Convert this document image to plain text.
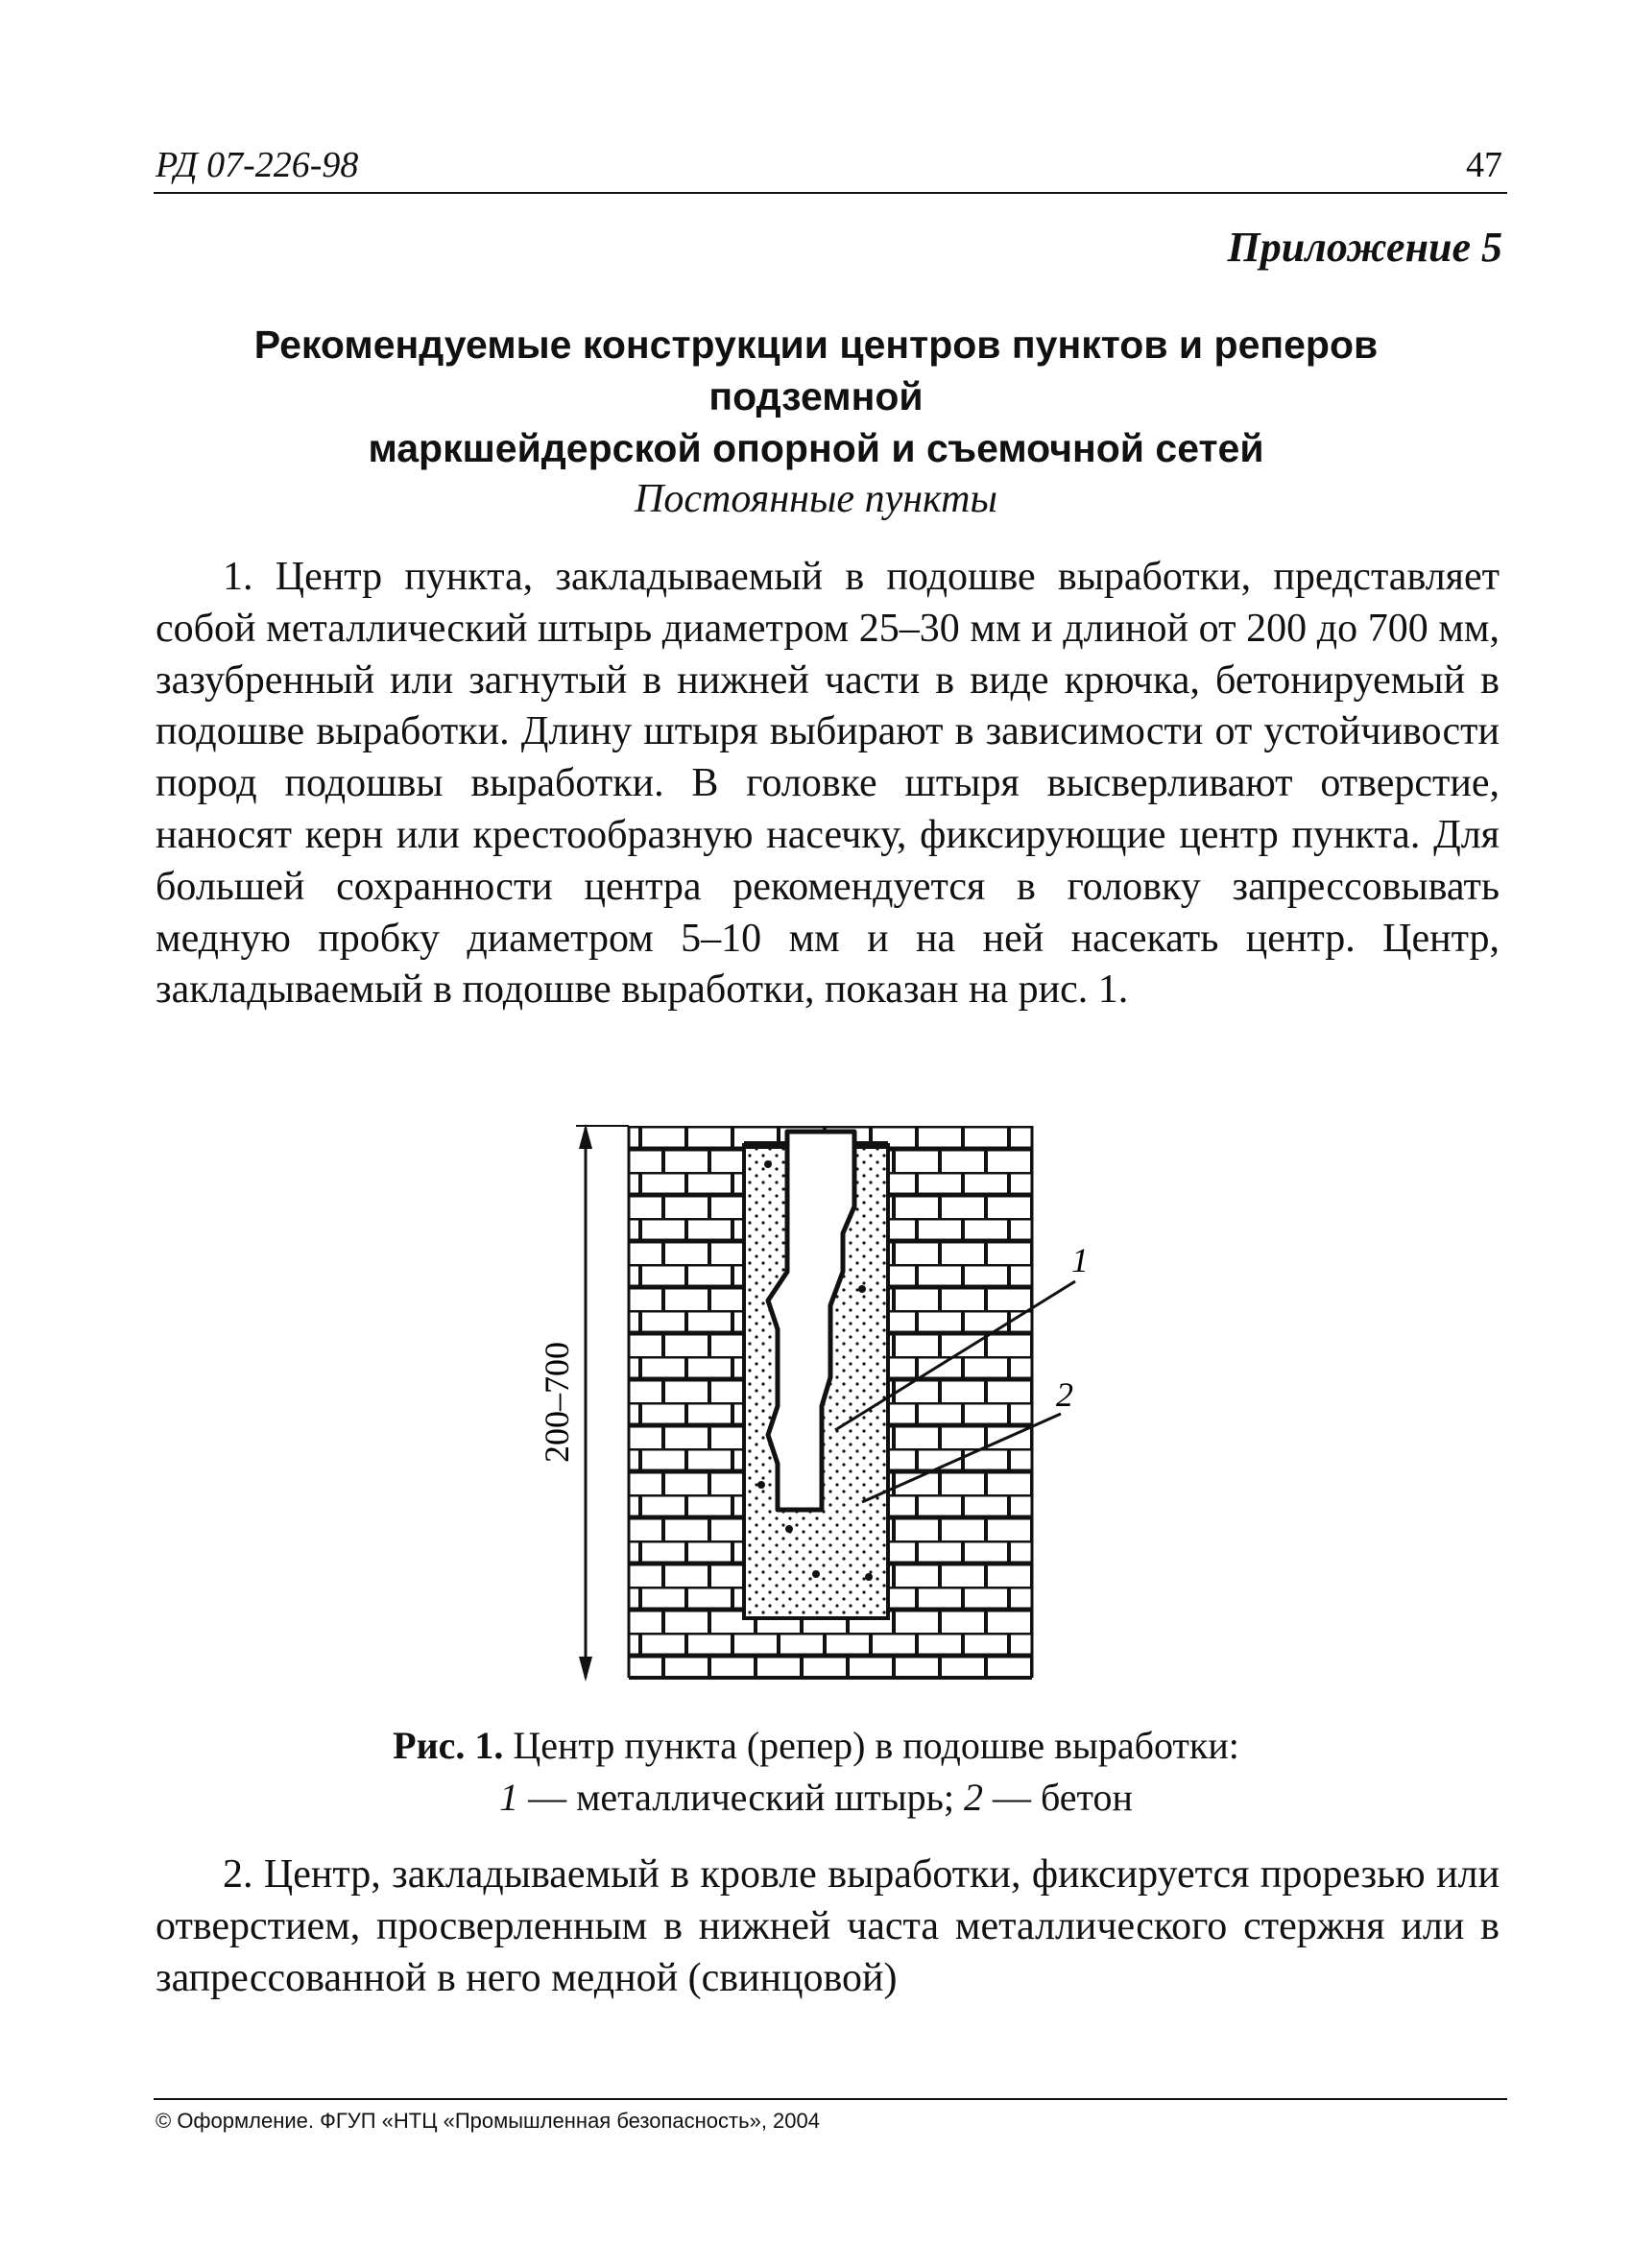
РД 07-226-98	47
Приложение 5
Рекомендуемые конструкции центров пунктов и реперов подземной
маркшейдерской опорной и съемочной сетей
Постоянные пункты

1. Центр пункта, закладываемый в подошве выработки, представляет собой металлический штырь диаметром 25–30 мм и длиной от 200 до 700 мм, зазубренный или загнутый в нижней части в виде крючка, бетонируемый в подошве выработки. Длину штыря выбирают в зависимости от устойчивости пород подошвы выработки. В головке штыря высверливают отверстие, наносят керн или крестообразную насечку, фиксирующие центр пункта. Для большей сохранности центра рекомендуется в головку запрессовывать медную пробку диаметром 5–10 мм и на ней насекать центр. Центр, закладываемый в подошве выработки, показан на рис. 1.

200–700
1
2
Рис. 1. Центр пункта (репер) в подошве выработки:
1 — металлический штырь; 2 — бетон

2. Центр, закладываемый в кровле выработки, фиксируется прорезью или отверстием, просверленным в нижней часта металлического стержня или в запрессованной в него медной (свинцовой)

© Оформление. ФГУП «НТЦ «Промышленная безопасность», 2004
